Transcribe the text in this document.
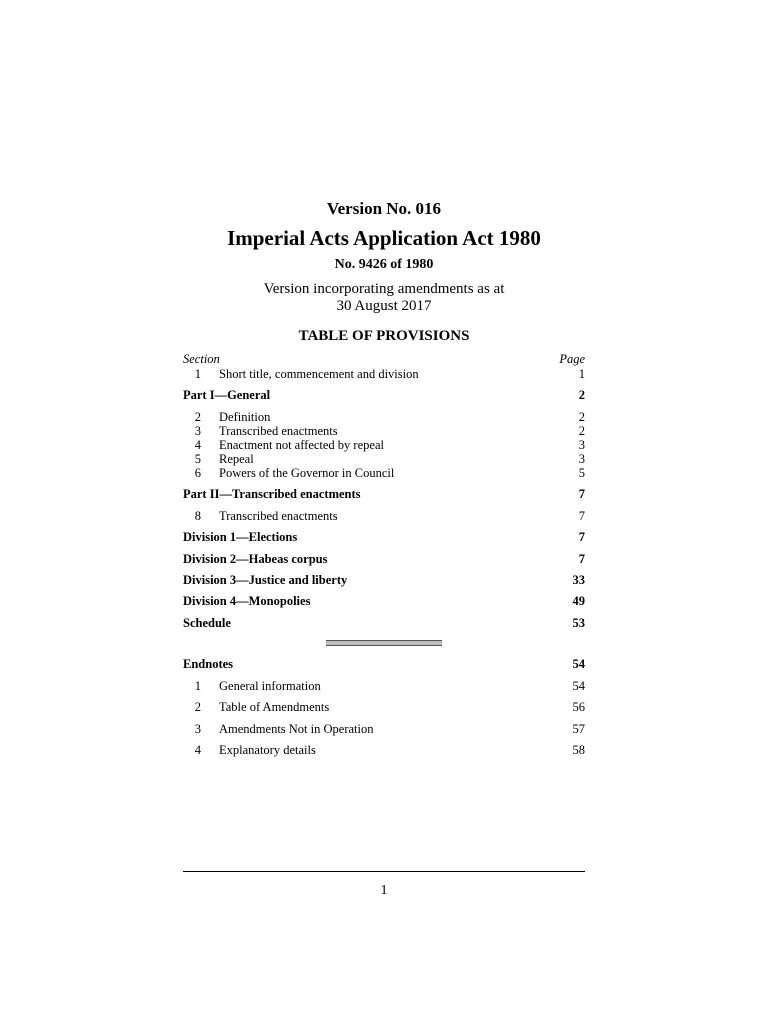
Version No. 016
Imperial Acts Application Act 1980
No. 9426 of 1980
Version incorporating amendments as at
30 August 2017
TABLE OF PROVISIONS
Section	Page
1 Short title, commencement and division	1
Part I—General	2
2 Definition	2
3 Transcribed enactments	2
4 Enactment not affected by repeal	3
5 Repeal	3
6 Powers of the Governor in Council	5
Part II—Transcribed enactments	7
8 Transcribed enactments	7
Division 1—Elections	7
Division 2—Habeas corpus	7
Division 3—Justice and liberty	33
Division 4—Monopolies	49
Schedule	53
Endnotes	54
1 General information	54
2 Table of Amendments	56
3 Amendments Not in Operation	57
4 Explanatory details	58
1
